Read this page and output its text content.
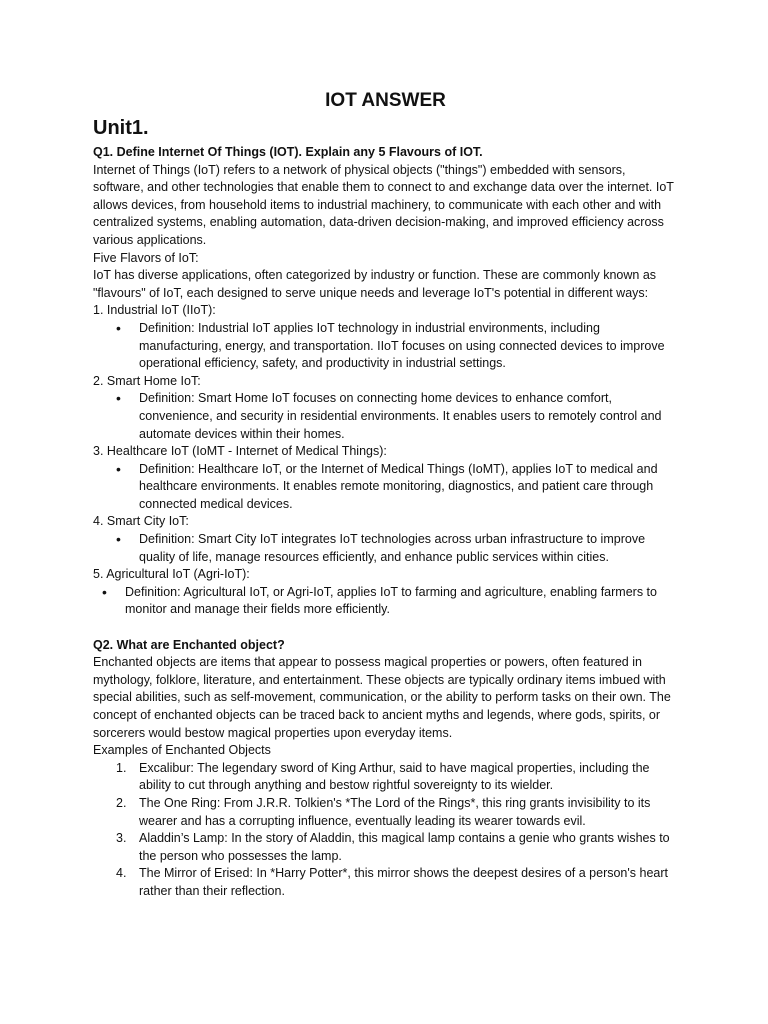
IOT ANSWER
Unit1.

Q1. Define Internet Of Things (IOT). Explain any 5 Flavours of IOT.

Internet of Things (IoT) refers to a network of physical objects ("things") embedded with sensors, software, and other technologies that enable them to connect to and exchange data over the internet. IoT allows devices, from household items to industrial machinery, to communicate with each other and with centralized systems, enabling automation, data-driven decision-making, and improved efficiency across various applications.

Five Flavors of IoT:

IoT has diverse applications, often categorized by industry or function. These are commonly known as "flavours" of IoT, each designed to serve unique needs and leverage IoT's potential in different ways:

1. Industrial IoT (IIoT):

• Definition: Industrial IoT applies IoT technology in industrial environments, including manufacturing, energy, and transportation. IIoT focuses on using connected devices to improve operational efficiency, safety, and productivity in industrial settings.

2. Smart Home IoT:

• Definition: Smart Home IoT focuses on connecting home devices to enhance comfort, convenience, and security in residential environments. It enables users to remotely control and automate devices within their homes.

3. Healthcare IoT (IoMT - Internet of Medical Things):

• Definition: Healthcare IoT, or the Internet of Medical Things (IoMT), applies IoT to medical and healthcare environments. It enables remote monitoring, diagnostics, and patient care through connected medical devices.

4. Smart City IoT:

• Definition: Smart City IoT integrates IoT technologies across urban infrastructure to improve quality of life, manage resources efficiently, and enhance public services within cities.

5. Agricultural IoT (Agri-IoT):

• Definition: Agricultural IoT, or Agri-IoT, applies IoT to farming and agriculture, enabling farmers to monitor and manage their fields more efficiently.

Q2. What are Enchanted object?

Enchanted objects are items that appear to possess magical properties or powers, often featured in mythology, folklore, literature, and entertainment. These objects are typically ordinary items imbued with special abilities, such as self-movement, communication, or the ability to perform tasks on their own. The concept of enchanted objects can be traced back to ancient myths and legends, where gods, spirits, or sorcerers would bestow magical properties upon everyday items.

Examples of Enchanted Objects

1. Excalibur: The legendary sword of King Arthur, said to have magical properties, including the ability to cut through anything and bestow rightful sovereignty to its wielder.
2. The One Ring: From J.R.R. Tolkien's *The Lord of the Rings*, this ring grants invisibility to its wearer and has a corrupting influence, eventually leading its wearer towards evil.
3. Aladdin’s Lamp: In the story of Aladdin, this magical lamp contains a genie who grants wishes to the person who possesses the lamp.
4. The Mirror of Erised: In *Harry Potter*, this mirror shows the deepest desires of a person's heart rather than their reflection.
